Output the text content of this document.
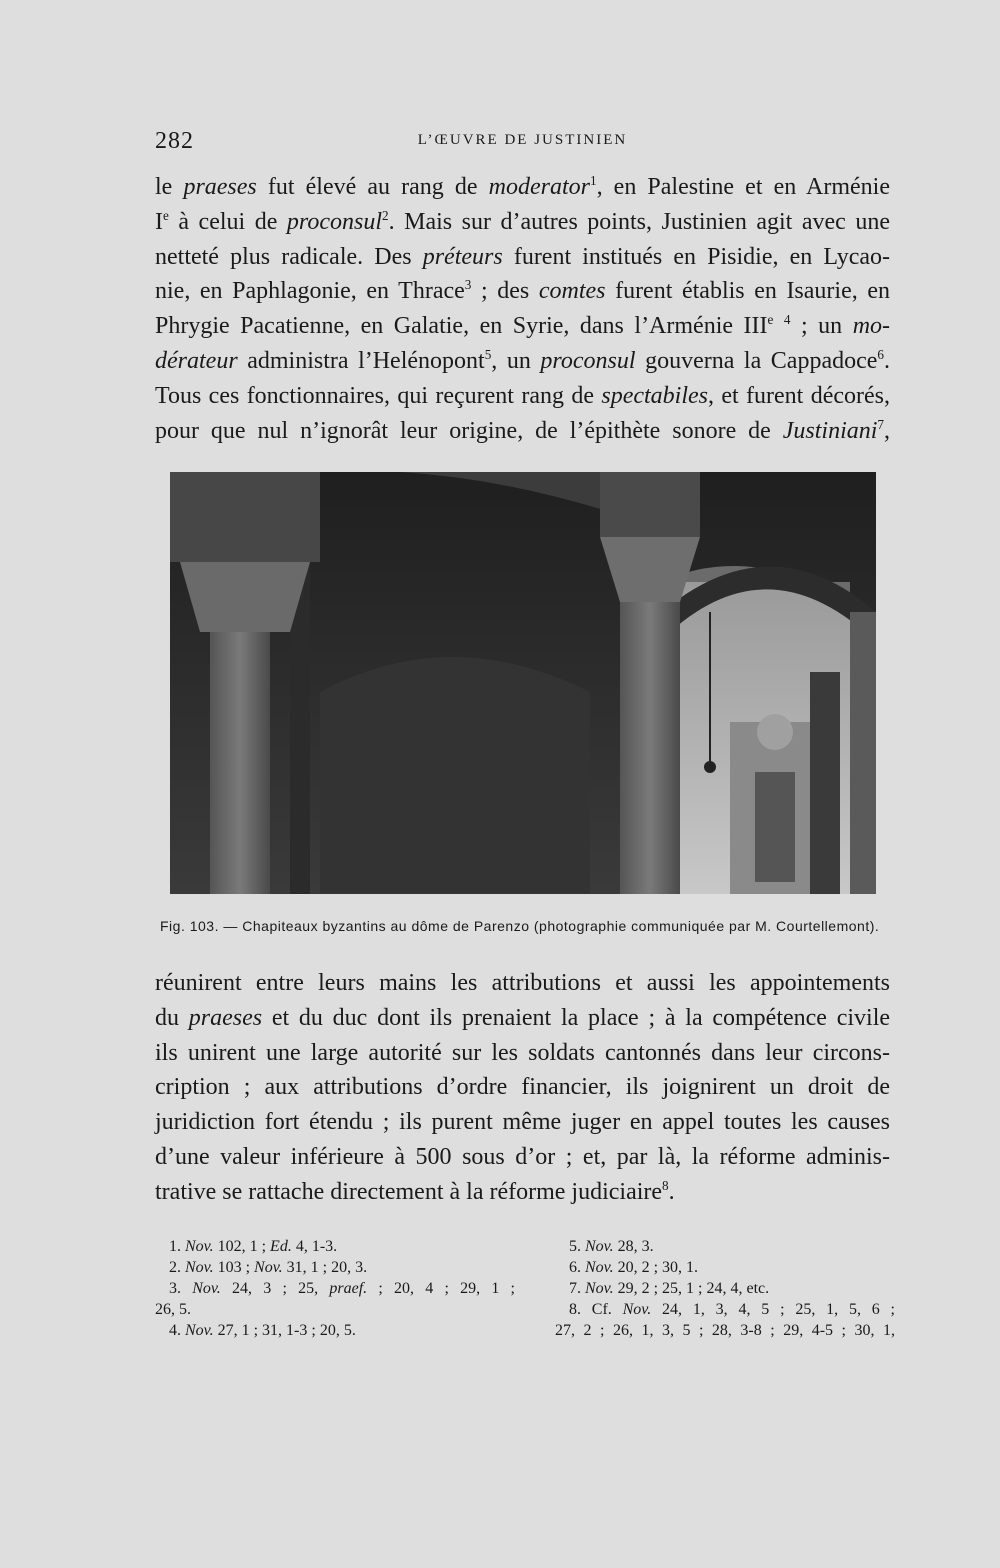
282	L’ŒUVRE DE JUSTINIEN
le praeses fut élevé au rang de moderator$^1$, en Palestine et en Arménie
Ie à celui de proconsul$^2$. Mais sur d’autres points, Justinien agit avec une
netteté plus radicale. Des préteurs furent institués en Pisidie, en Lycao-
nie, en Paphlagonie, en Thrace$^3$ ; des comtes furent établis en Isaurie, en
Phrygie Pacatienne, en Galatie, en Syrie, dans l’Arménie IIIe $^4$ ; un mo-
dérateur administra l’Helénopont$^5$, un proconsul gouverna la Cappadoce$^6$.
Tous ces fonctionnaires, qui reçurent rang de spectabiles, et furent décorés,
pour que nul n’ignorât leur origine, de l’épithète sonore de Justiniani$^7$,

Fig. 103. — Chapiteaux byzantins au dôme de Parenzo (photographie communiquée par M. Courtellemont).

réunirent entre leurs mains les attributions et aussi les appointements
du praeses et du duc dont ils prenaient la place ; à la compétence civile
ils unirent une large autorité sur les soldats cantonnés dans leur circons-
cription ; aux attributions d’ordre financier, ils joignirent un droit de
juridiction fort étendu ; ils purent même juger en appel toutes les causes
d’une valeur inférieure à 500 sous d’or ; et, par là, la réforme adminis-
trative se rattache directement à la réforme judiciaire$^8$.

1. Nov. 102, 1 ; Ed. 4, 1-3.

2. Nov. 103 ; Nov. 31, 1 ; 20, 3.

3. Nov. 24, 3 ; 25, praef. ; 20, 4 ; 29, 1 ;

26, 5.

4. Nov. 27, 1 ; 31, 1-3 ; 20, 5.

5. Nov. 28, 3.

6. Nov. 20, 2 ; 30, 1.

7. Nov. 29, 2 ; 25, 1 ; 24, 4, etc.

8. Cf. Nov. 24, 1, 3, 4, 5 ; 25, 1, 5, 6 ;

27, 2 ; 26, 1, 3, 5 ; 28, 3-8 ; 29, 4-5 ; 30, 1,
